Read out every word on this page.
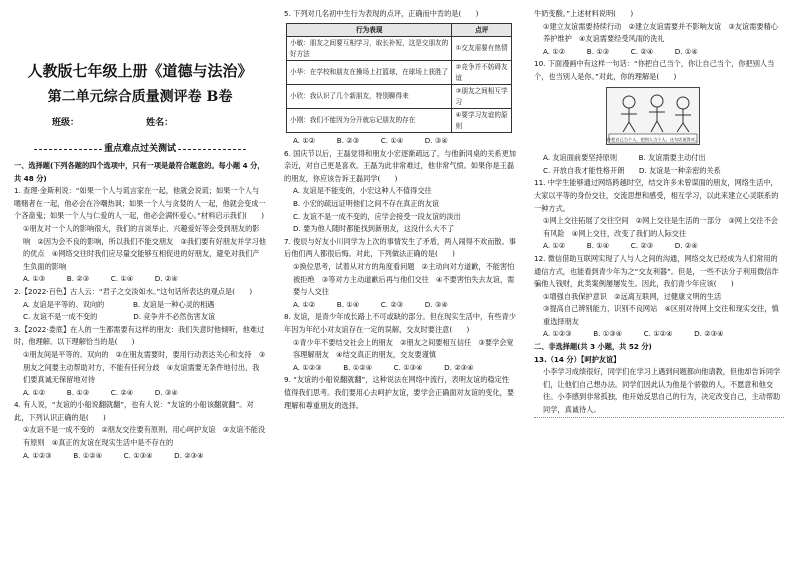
人教版七年级上册《道德与法治》
第二单元综合质量测评卷 B卷
班级：	姓名：
重点难点过关测试

一、选择题(下列各题的四个选项中，只有一项是最符合题意的。每小题 4 分，共 48 分)

1. 查理·金斯利说：“如果一个人与谎言家在一起，他就会说谎；如果一个人与嗜赌者在一起，他必会在冷嘲热讽；如果一个人与贪婪的人一起，他就会变成一个吝啬鬼；如果一个人与仁爱的人一起，他必会满怀爱心。”材料启示我们(　　)

①朋友对一个人的影响很大，我们的言谈举止、兴趣爱好等会受到朋友的影响　②因为会不良的影响，所以我们不能交朋友　③我们要有好朋友并学习他的优点　④网络交往时我们应尽量交能够互相促进的好朋友，避免对我们产生负面的影响

A. ①③　　　B. ②③　　　C. ①④　　　D. ②④

2.【2022·百色】古人云：“君子之交淡如水。”这句话所表达的观点是(　　)

A. 友谊是平等的、双向的　　　　B. 友谊是一种心灵的相遇

C. 友谊不是一成不变的　　　　　D. 竞争并不必然伤害友谊

3.【2022·娄底】在人的一生都需要有这样的朋友：我们失意时他倾听，他难过时，他理解。以下理解恰当的是(　　)

①朋友间是平等的、双向的　②在朋友需要时，要用行动表达关心和支持　③朋友之间要主动帮助对方，不能有任何分歧　④友谊需要无条件地付出，我们要真诚无保留地对待

A. ①②　　　B. ①③　　　C. ②④　　　D. ③④

4. 有人说，“友谊的小船说翻就翻”，也有人说：“友谊的小船该翻就翻”。对此，下列认识正确的是(　　)

①友谊不是一成不变的　②朋友交往要有原则，用心呵护友谊　③友谊不能没有原则　④真正的友谊在现实生活中是不存在的

A. ①②③　　　B. ①②④　　　C. ①③④　　　D. ②③④

5. 下列对几名初中生行为表现的点评，正确而中肯的是(　　)

行为表现	点评
小敏：朋友之间要互相学习，取长补短，这是交朋友的好方法	①交友需要有热情
小华：在学校和朋友在操场上打篮球，在球场上获胜了	②竞争并不妨碍友谊
小欣：我认识了几个新朋友，特别聊得来	③朋友之间相互学习
小刚：我们不能因为分开就忘记朋友的存在	④要学习友谊的原则

A. ①②　　　B. ②③　　　C. ①④　　　D. ③④

6. 国庆节以后，王磊觉得和朋友小宏逐渐疏远了，与他新同桌的关系更加亲近，对自己更是喜欢。王磊为此非常难过，他非常气愤。如果你是王磊的朋友，你应该告诉王磊同学(　　)

A. 友谊是不能变的，小宏这种人不值得交往

B. 小宏的疏远证明他们之间不存在真正的友谊

C. 友谊不是一成不变的，应学会接受一段友谊的淡出

D. 要为他人随时都能找到新朋友，这没什么大不了

7. 俊辰与好友小川同学为上次的事情发生了矛盾，两人闹得不欢而散。事后他们两人都很后悔。对此，下列做法正确的是(　　)

①换位思考，试着从对方的角度看问题　②主动向对方道歉，不能害怕被拒绝　③等对方主动道歉后再与他们交往　④不要害怕失去友谊，需要与人交往

A. ①②　　　B. ①④　　　C. ②③　　　D. ③④

8. 友谊，是青少年成长路上不可或缺的部分。但在现实生活中，有些青少年因为年纪小对友谊存在一定的误解，交友时要注意(　　)

①青少年不要结交社会上的朋友　②朋友之间要相互信任　③要学会宽容理解朋友　④结交真正的朋友，交友要谨慎

A. ①②③　　　B. ①②④　　　C. ①③④　　　D. ②③④

9. “友谊的小船说翻就翻”，这种说法在网络中流行，表明友谊的稳定性值得我们思考。我们要用心去呵护友谊，要学会正确面对友谊的变化，要理解和尊重朋友的选择。

牛奶变酸。”上述材料说明(　　)

①建立友谊需要持续行动　②建立友谊需要并不影响友谊　③友谊需要精心养护维护　④友谊需要经受风雨的洗礼

A. ①②　　　B. ①③　　　C. ②④　　　D. ①④

10. 下面漫画中有这样一句话：“你把自己当个，你让自己当个，你把别人当个，也当别人是你。”对此，你的理解是(　　)

你把自己当个人，把别人当个人，这句话说得对。

A. 友谊面前要坚持原则　　　B. 友谊需要主动付出

C. 开放自我才能性格开朗　　D. 友谊是一种亲密的关系

11. 中学生能够通过网络跨越时空，结交许多未曾谋面的朋友，网络生活中，大家以平等的身份交往，交流思想和感受，相互学习，以此来建立心灵联系的一种方式。

①网上交往拓展了交往空间　②网上交往是生活的一部分　③网上交往不会有风险　④网上交往，改变了我们的人际交往

A. ①②　　　B. ①④　　　C. ②③　　　D. ②④

12. 微信借助互联网实现了人与人之间的沟通，网络交友已经成为人们常用的通信方式，也能看到青少年为之“交友利器”。但是，一些不法分子利用微信诈骗他人钱财，此类案例屡屡发生。因此，我们青少年应该(　　)

①增强自我保护意识　②远离互联网，过健康文明的生活

③提高自己辨别能力，识别不良网站　④区别对待网上交往和现实交往，慎重选择朋友

A. ①②③　　　B. ①③④　　　C. ①②④　　　D. ②③④

二、非选择题(共 3 小题，共 52 分)

13.（14 分）【呵护友谊】

小李学习成绩很好，同学们在学习上遇到问题都向他请教，但他却告诉同学们，让他们自己想办法。同学们因此认为他是个骄傲的人，不愿意和他交往。小李感到非常孤独，他开始反思自己的行为，决定改变自己，主动帮助同学，真诚待人。
